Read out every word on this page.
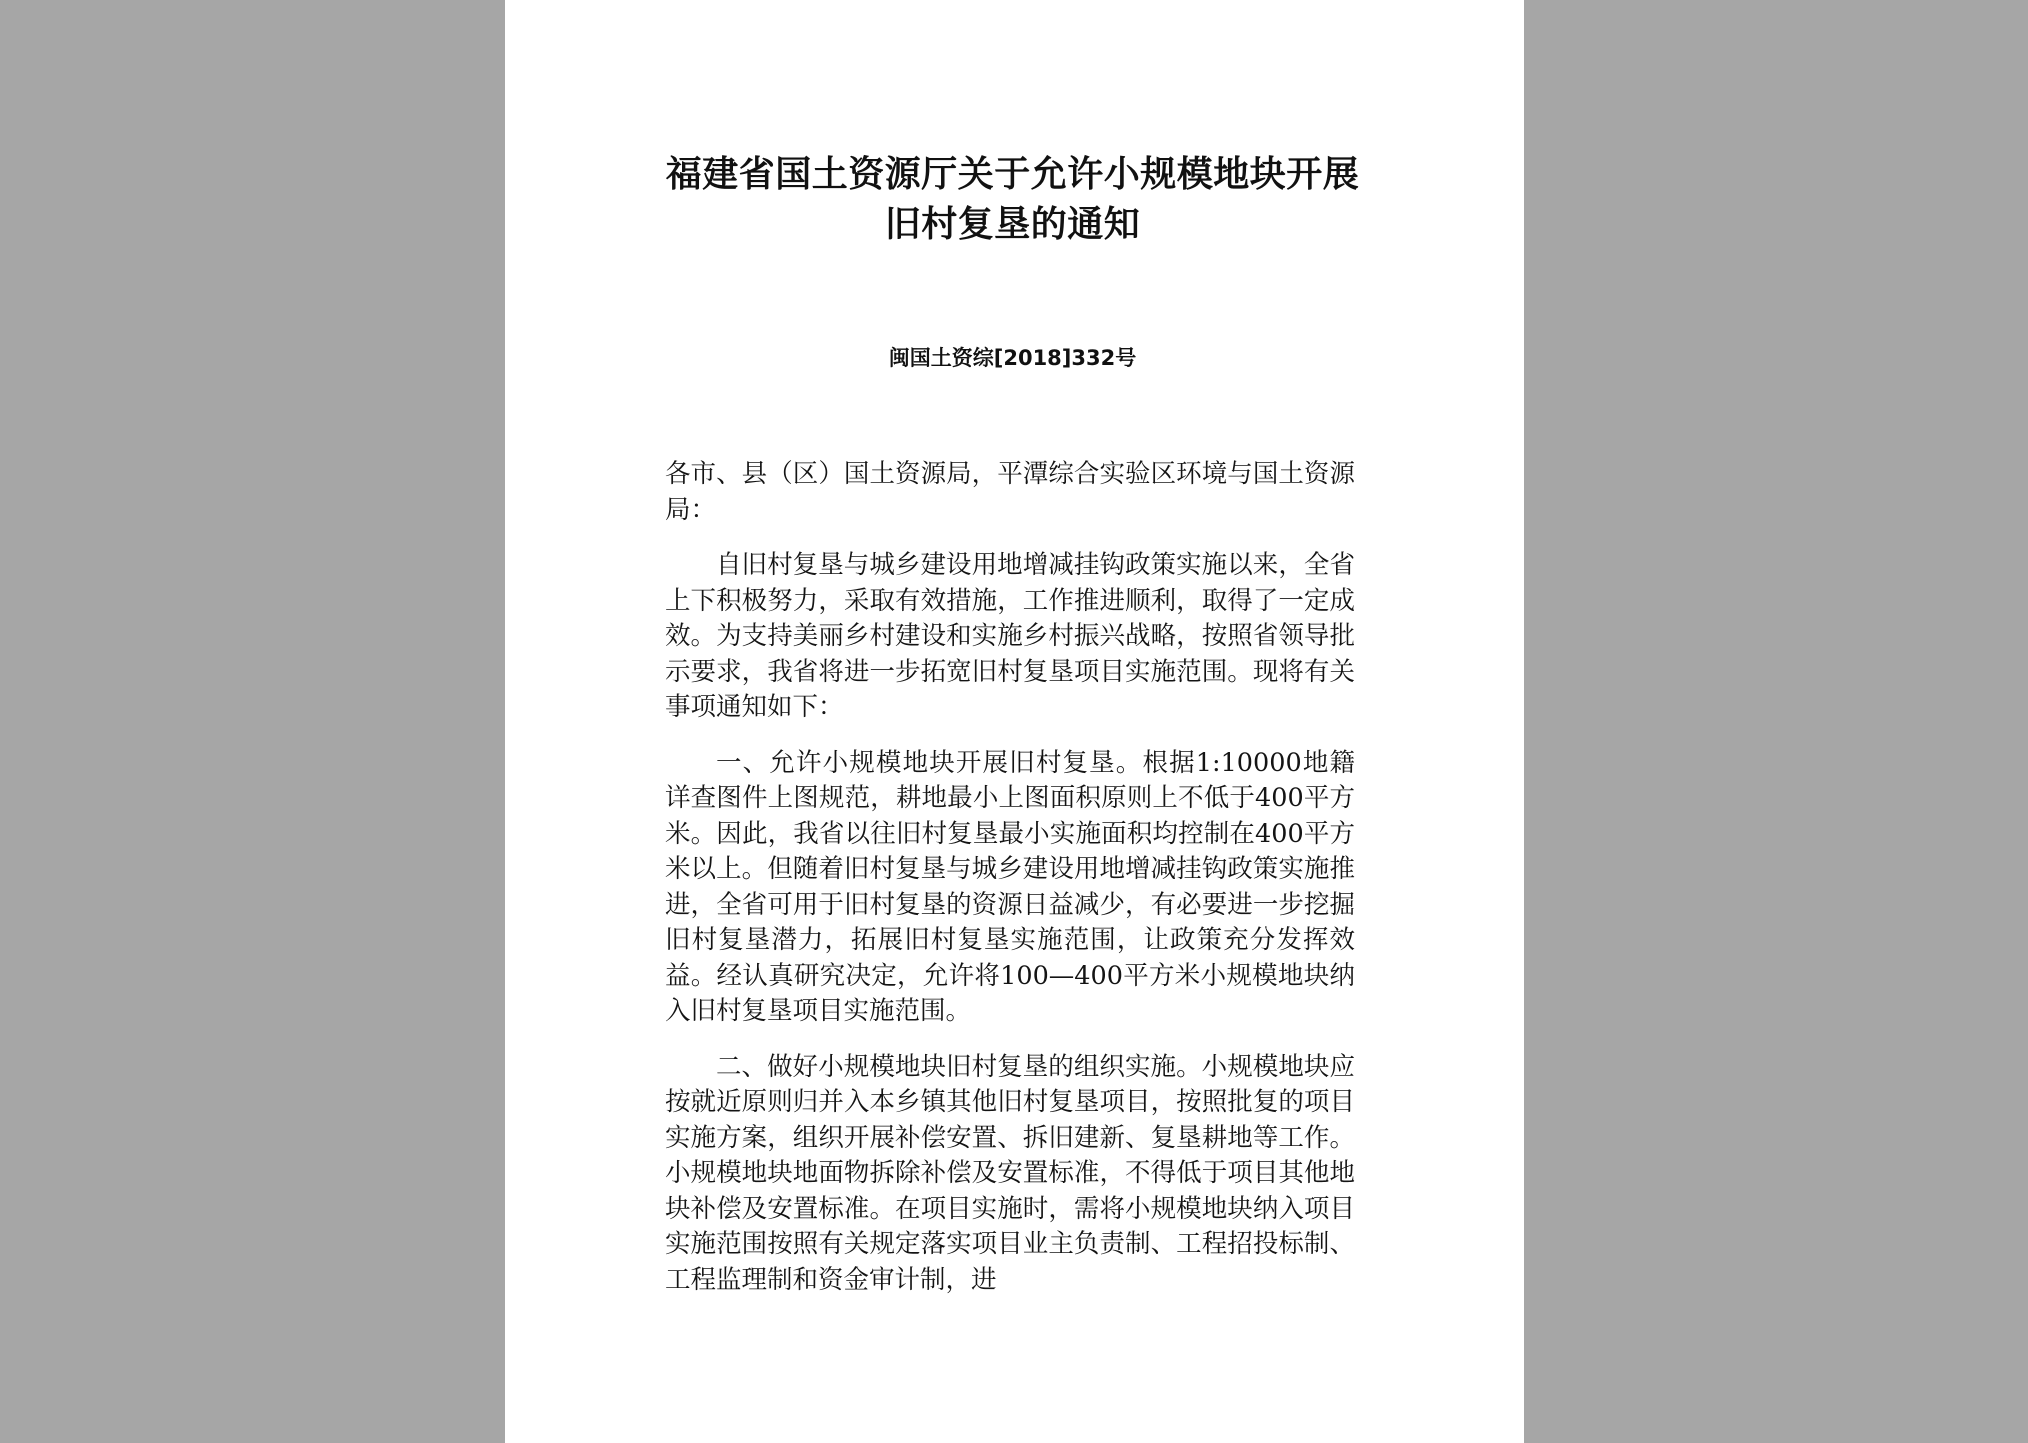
福建省国土资源厅关于允许小规模地块开展旧村复垦的通知
闽国土资综[2018]332号

各市、县（区）国土资源局，平潭综合实验区环境与国土资源局：

自旧村复垦与城乡建设用地增减挂钩政策实施以来，全省上下积极努力，采取有效措施，工作推进顺利，取得了一定成效。为支持美丽乡村建设和实施乡村振兴战略，按照省领导批示要求，我省将进一步拓宽旧村复垦项目实施范围。现将有关事项通知如下：

一、允许小规模地块开展旧村复垦。根据1:10000地籍详查图件上图规范，耕地最小上图面积原则上不低于400平方米。因此，我省以往旧村复垦最小实施面积均控制在400平方米以上。但随着旧村复垦与城乡建设用地增减挂钩政策实施推进，全省可用于旧村复垦的资源日益减少，有必要进一步挖掘旧村复垦潜力，拓展旧村复垦实施范围，让政策充分发挥效益。经认真研究决定，允许将100—400平方米小规模地块纳入旧村复垦项目实施范围。

二、做好小规模地块旧村复垦的组织实施。小规模地块应按就近原则归并入本乡镇其他旧村复垦项目，按照批复的项目实施方案，组织开展补偿安置、拆旧建新、复垦耕地等工作。小规模地块地面物拆除补偿及安置标准，不得低于项目其他地块补偿及安置标准。在项目实施时，需将小规模地块纳入项目实施范围按照有关规定落实项目业主负责制、工程招投标制、工程监理制和资金审计制，进
